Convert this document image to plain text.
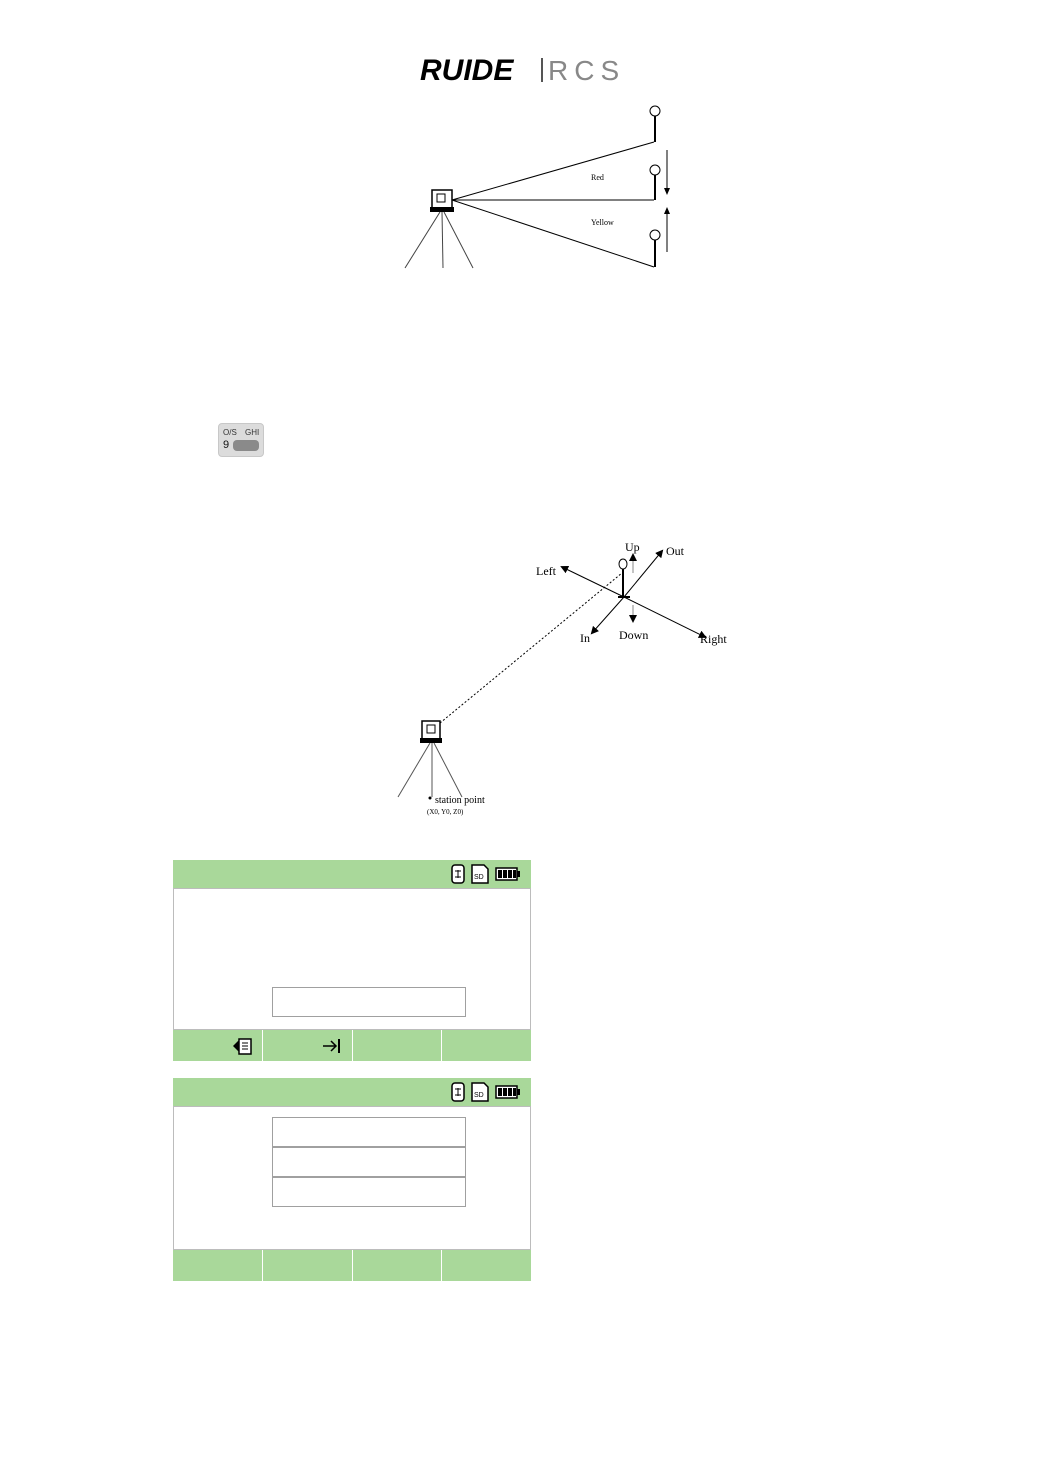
RUIDE RCS
Red
Yellow
O/S GHI
9
Up Out
Left
In Down	Right
station point
(X0, Y0, Z0)
SD
SD
